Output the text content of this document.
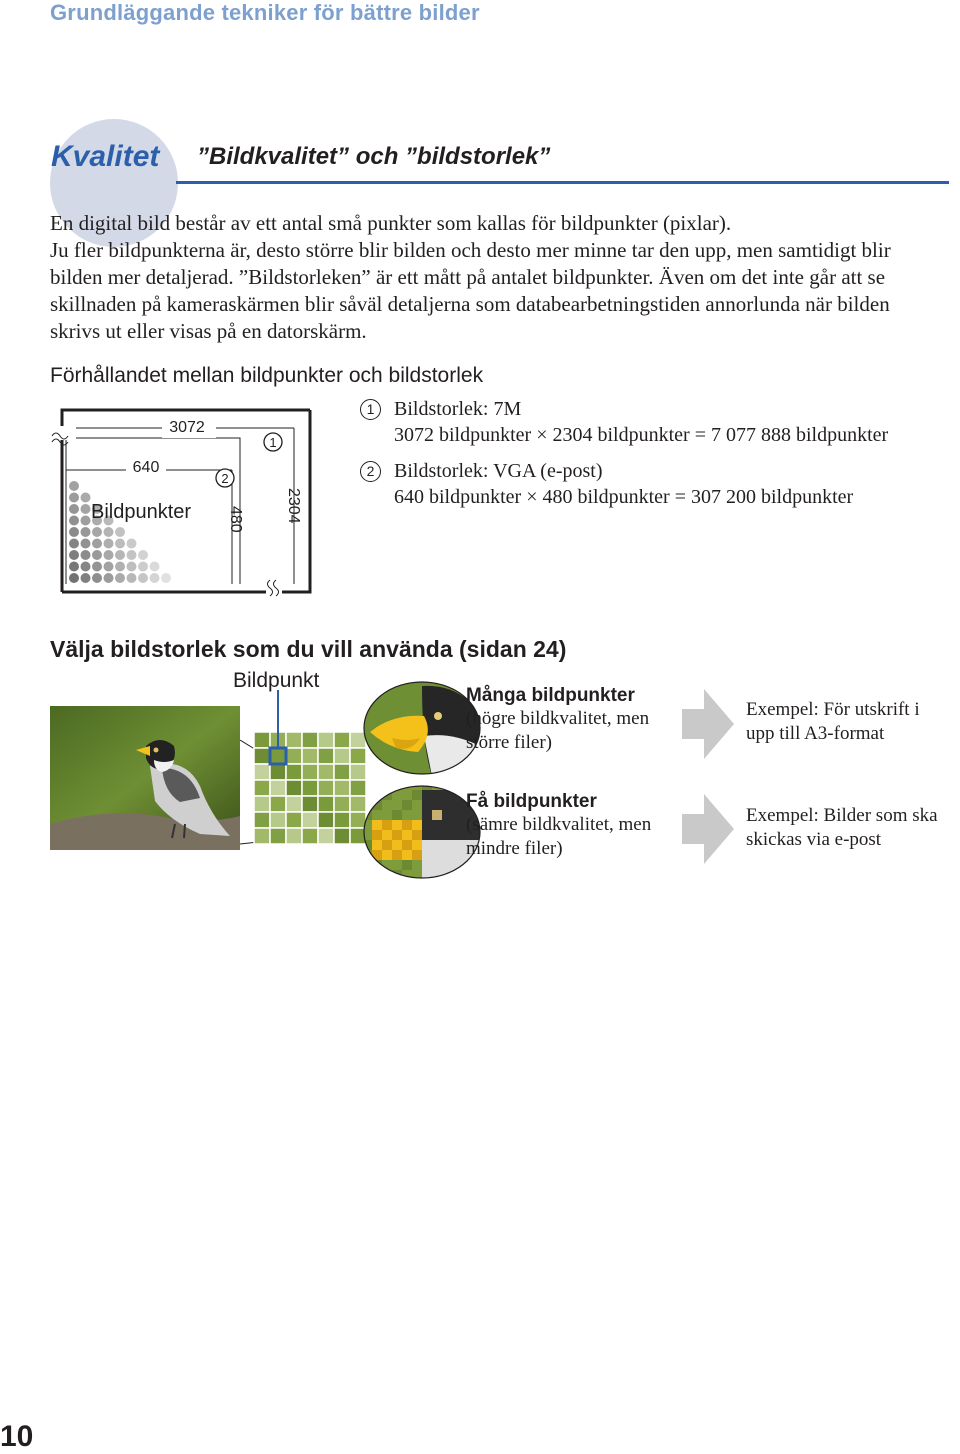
Grundläggande tekniker för bättre bilder
Kvalitet ”Bildkvalitet” och ”bildstorlek”

En digital bild består av ett antal små punkter som kallas för bildpunkter (pixlar).

Ju fler bildpunkterna är, desto större blir bilden och desto mer minne tar den upp, men samtidigt blir bilden mer detaljerad. ”Bildstorleken” är ett mått på antalet bildpunkter. Även om det inte går att se skillnaden på kameraskärmen blir såväl detaljerna som databearbetningstiden annorlunda när bilden skrivs ut eller visas på en datorskärm.

Förhållandet mellan bildpunkter och bildstorlek
3072
640
Bildpunkter 480	2304
2
1
1 Bildstorlek: 7M
3072 bildpunkter × 2304 bildpunkter = 7 077 888 bildpunkter
2 Bildstorlek: VGA (e-post)
640 bildpunkter × 480 bildpunkter = 307 200 bildpunkter
Välja bildstorlek som du vill använda (sidan 24)
Bildpunkt
Många bildpunkter
(högre bildkvalitet, men större filer)
Få bildpunkter
(sämre bildkvalitet, men mindre filer)
Exempel: För utskrift i upp till A3-format
Exempel: Bilder som ska skickas via e-post
10
